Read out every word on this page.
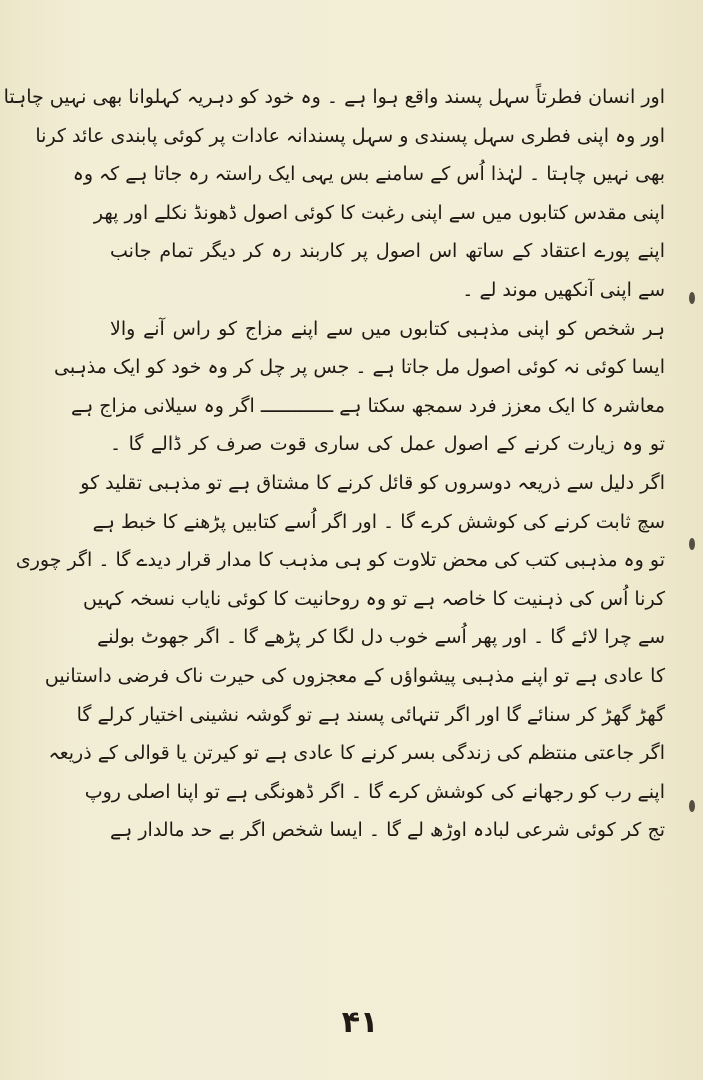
اور انسان فطرتاً سہل پسند واقع ہوا ہے ۔ وہ خود کو دہریہ کہلوانا بھی نہیں چاہتا
اور وہ اپنی فطری سہل پسندی و سہل پسندانہ عادات پر کوئی پابندی عائد کرنا
بھی نہیں چاہتا ۔ لہٰذا اُس کے سامنے بس یہی ایک راستہ رہ جاتا ہے کہ وہ
اپنی مقدس کتابوں میں سے اپنی رغبت کا کوئی اصول ڈھونڈ نکلے اور پھر
اپنے پورے اعتقاد کے ساتھ اس اصول پر کاربند رہ کر دیگر تمام جانب
سے اپنی آنکھیں موند لے ۔
ہر شخص کو اپنی مذہبی کتابوں میں سے اپنے مزاج کو راس آنے والا
ایسا کوئی نہ کوئی اصول مل جاتا ہے ۔ جس پر چل کر وہ خود کو ایک مذہبی
معاشرہ کا ایک معزز فرد سمجھ سکتا ہے ـــــــــــــ اگر وہ سیلانی مزاج ہے
تو وہ زیارت کرنے کے اصول عمل کی ساری قوت صرف کر ڈالے گا ۔
اگر دلیل سے ذریعہ دوسروں کو قائل کرنے کا مشتاق ہے تو مذہبی تقلید کو
سچ ثابت کرنے کی کوشش کرے گا ۔ اور اگر اُسے کتابیں پڑھنے کا خبط ہے
تو وہ مذہبی کتب کی محض تلاوت کو ہی مذہب کا مدار قرار دیدے گا ۔ اگر چوری
کرنا اُس کی ذہنیت کا خاصہ ہے تو وہ روحانیت کا کوئی نایاب نسخہ کہیں
سے چرا لائے گا ۔ اور پھر اُسے خوب دل لگا کر پڑھے گا ۔ اگر جھوٹ بولنے
کا عادی ہے تو اپنے مذہبی پیشواؤں کے معجزوں کی حیرت ناک فرضی داستانیں
گھڑ گھڑ کر سنائے گا اور اگر تنہائی پسند ہے تو گوشہ نشینی اختیار کرلے گا
اگر جاعتی منتظم کی زندگی بسر کرنے کا عادی ہے تو کیرتن یا قوالی کے ذریعہ
اپنے رب کو رجھانے کی کوشش کرے گا ۔ اگر ڈھونگی ہے تو اپنا اصلی روپ
تج کر کوئی شرعی لبادہ اوڑھ لے گا ۔ ایسا شخص اگر بے حد مالدار ہے
۴۱
